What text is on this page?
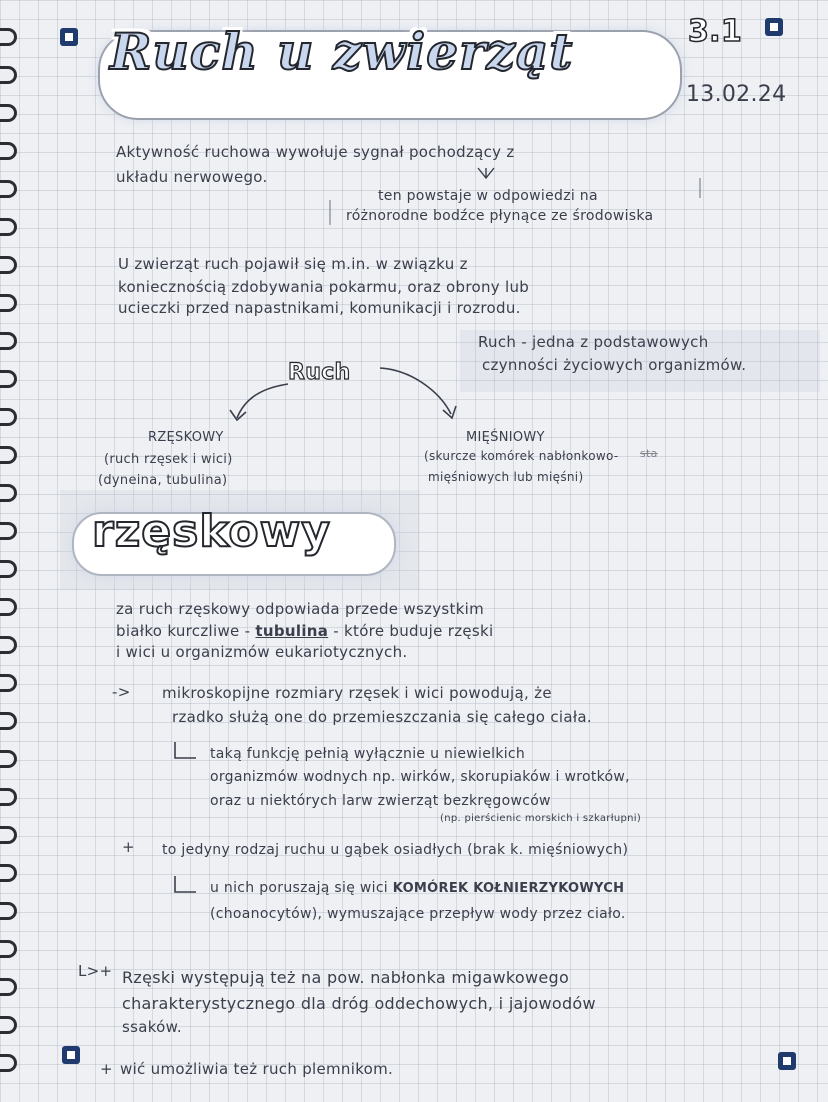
Ruch u zwierząt	3.1
13.02.24
Aktywność ruchowa wywołuje sygnał pochodzący z
układu nerwowego.
ten powstaje w odpowiedzi na
różnorodne bodźce płynące ze środowiska
U zwierząt ruch pojawił się m.in. w związku z
koniecznością zdobywania pokarmu, oraz obrony lub
ucieczki przed napastnikami, komunikacji i rozrodu.
Ruch - jedna z podstawowych
czynności życiowych organizmów.
Ruch
RZĘSKOWY
(ruch rzęsek i wici)
(dyneina, tubulina)
MIĘŚNIOWY
(skurcze komórek nabłonkowo-
mięśniowych lub mięśni)
sta
rzęskowy
za ruch rzęskowy odpowiada przede wszystkim
białko kurczliwe - tubulina - które buduje rzęski
i wici u organizmów eukariotycznych.
-> mikroskopijne rozmiary rzęsek i wici powodują, że
rzadko służą one do przemieszczania się całego ciała.
taką funkcję pełnią wyłącznie u niewielkich
organizmów wodnych np. wirków, skorupiaków i wrotków,
oraz u niektórych larw zwierząt bezkręgowców
(np. pierścienic morskich i szkarłupni)
+ to jedyny rodzaj ruchu u gąbek osiadłych (brak k. mięśniowych)
u nich poruszają się wici KOMÓREK KOŁNIERZYKOWYCH
(choanocytów), wymuszające przepływ wody przez ciało.
L>+ Rzęski występują też na pow. nabłonka migawkowego
charakterystycznego dla dróg oddechowych, i jajowodów
ssaków.
+ wić umożliwia też ruch plemnikom.
